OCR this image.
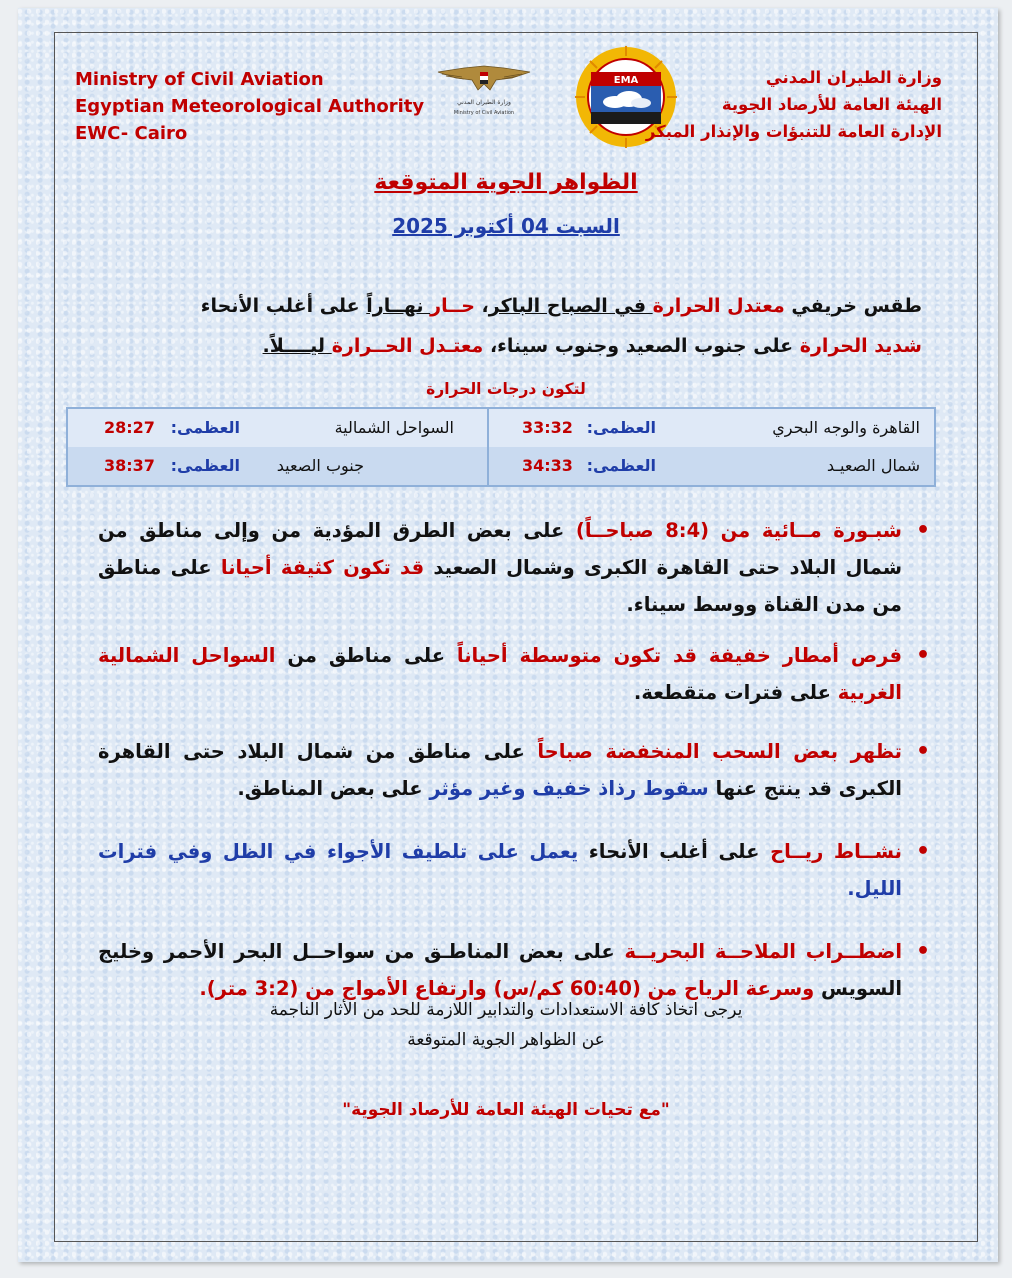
Ministry of Civil Aviation
Egyptian Meteorological Authority
EWC- Cairo
وزارة الطيران المدني
Ministry of Civil Aviation
EMA	وزارة الطيران المدني
الهيئة العامة للأرصاد الجوية
الإدارة العامة للتنبؤات والإنذار المبكر
الظواهر الجوية المتوقعة
السبت 04 أكتوبر 2025
طقس خريفي معتدل الحرارة في الصباح الباكر، حــار نهــاراً على أغلب الأنحاء
شديد الحرارة على جنوب الصعيد وجنوب سيناء، معتـدل الحــرارة ليــــلاً.
لتكون درجات الحرارة
القاهرة والوجه البحري
العظمى:
33:32
السواحل الشمالية
العظمى:
28:27
شمال الصعيـد
العظمى:
34:33
جنوب الصعيد
العظمى:
38:37
•
شبـورة مــائية من (8:4 صباحــاً) على بعض الطرق المؤدية من وإلى مناطق من شمال البلاد حتى القاهرة الكبرى وشمال الصعيد قد تكون كثيفة أحيانا على مناطق من مدن القناة ووسط سيناء.
•
فرص أمطار خفيفة قد تكون متوسطة أحياناً على مناطق من السواحل الشمالية الغربية على فترات متقطعة.
•
تظهر بعض السحب المنخفضة صباحاً على مناطق من شمال البلاد حتى القاهرة الكبرى قد ينتج عنها سقوط رذاذ خفيف وغير مؤثر على بعض المناطق.
•
نشــاط ريــاح على أغلب الأنحاء يعمل على تلطيف الأجواء في الظل وفي فترات الليل.
•
اضطــراب الملاحــة البحريــة على بعض المناطـق من سواحــل البحر الأحمر وخليج السويس وسرعة الرياح من (60:40 كم/س) وارتفاع الأمواج من (3:2 متر).
يرجى اتخاذ كافة الاستعدادات والتدابير اللازمة للحد من الأثار الناجمة
عن الظواهر الجوية المتوقعة
"مع تحيات الهيئة العامة للأرصاد الجوية"
